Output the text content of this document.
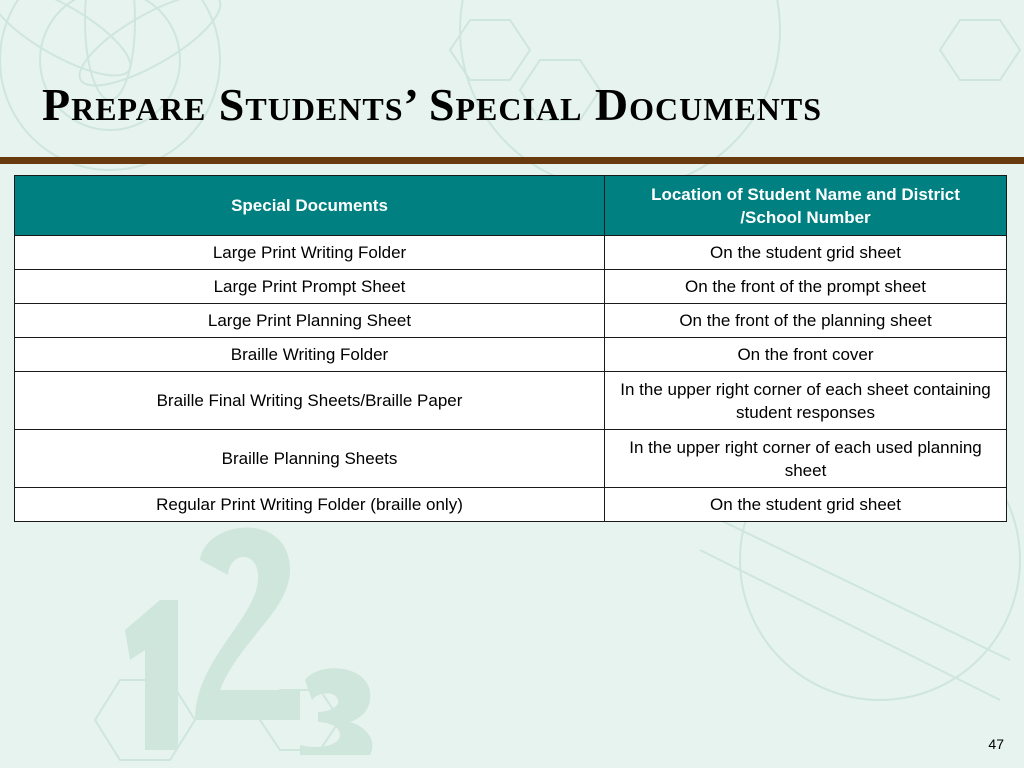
Prepare Students’ Special Documents
Special Documents	Location of Student Name and District /School Number
Large Print Writing Folder	On the student grid sheet
Large Print Prompt Sheet	On the front of the prompt sheet
Large Print Planning Sheet	On the front of the planning sheet
Braille Writing Folder	On the front cover
Braille Final Writing Sheets/Braille Paper	In the upper right corner of each sheet containing student responses
Braille Planning Sheets	In the upper right corner of each used planning sheet
Regular Print Writing Folder (braille only)	On the student grid sheet
47
